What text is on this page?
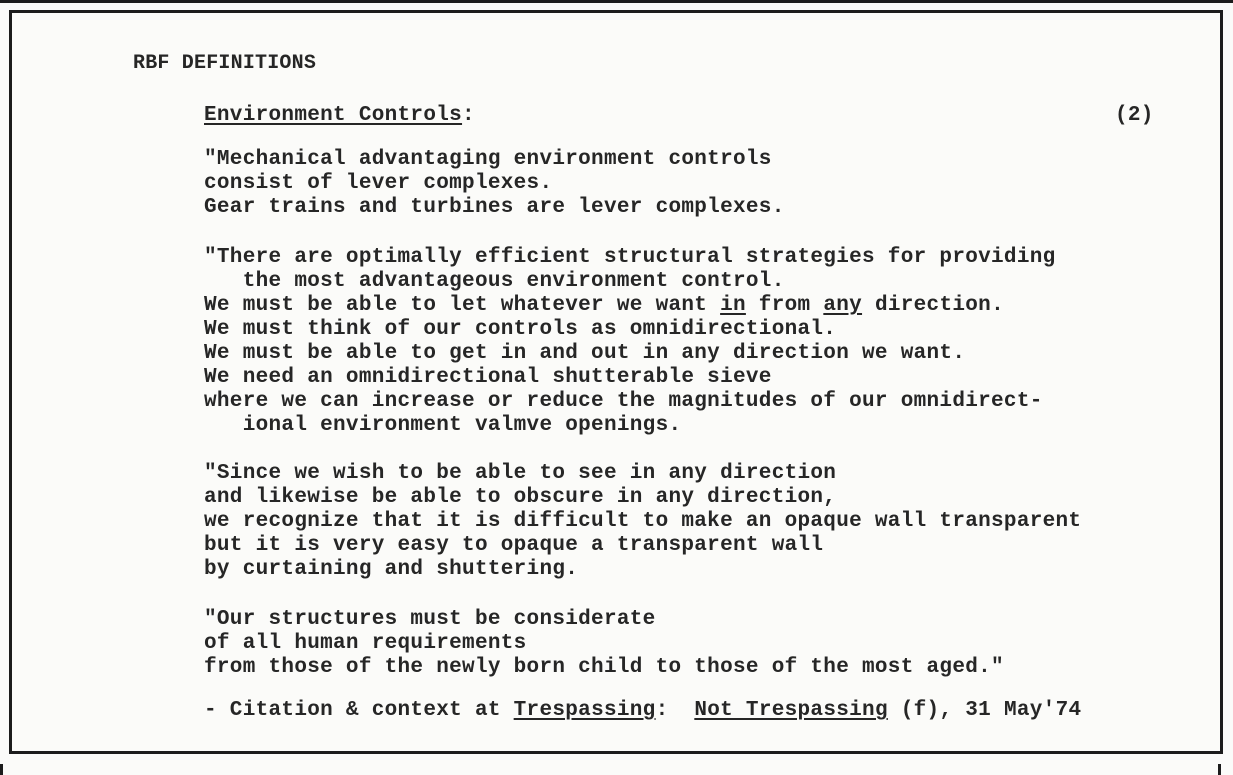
RBF DEFINITIONS
Environment Controls:	(2)
"Mechanical advantaging environment controls
consist of lever complexes.
Gear trains and turbines are lever complexes.
"There are optimally efficient structural strategies for providing
the most advantageous environment control.
We must be able to let whatever we want in from any direction.
We must think of our controls as omnidirectional.
We must be able to get in and out in any direction we want.
We need an omnidirectional shutterable sieve
where we can increase or reduce the magnitudes of our omnidirect-
ional environment valmve openings.
"Since we wish to be able to see in any direction
and likewise be able to obscure in any direction,
we recognize that it is difficult to make an opaque wall transparent
but it is very easy to opaque a transparent wall
by curtaining and shuttering.
"Our structures must be considerate
of all human requirements
from those of the newly born child to those of the most aged."
- Citation & context at Trespassing:  Not Trespassing (f), 31 May'74
